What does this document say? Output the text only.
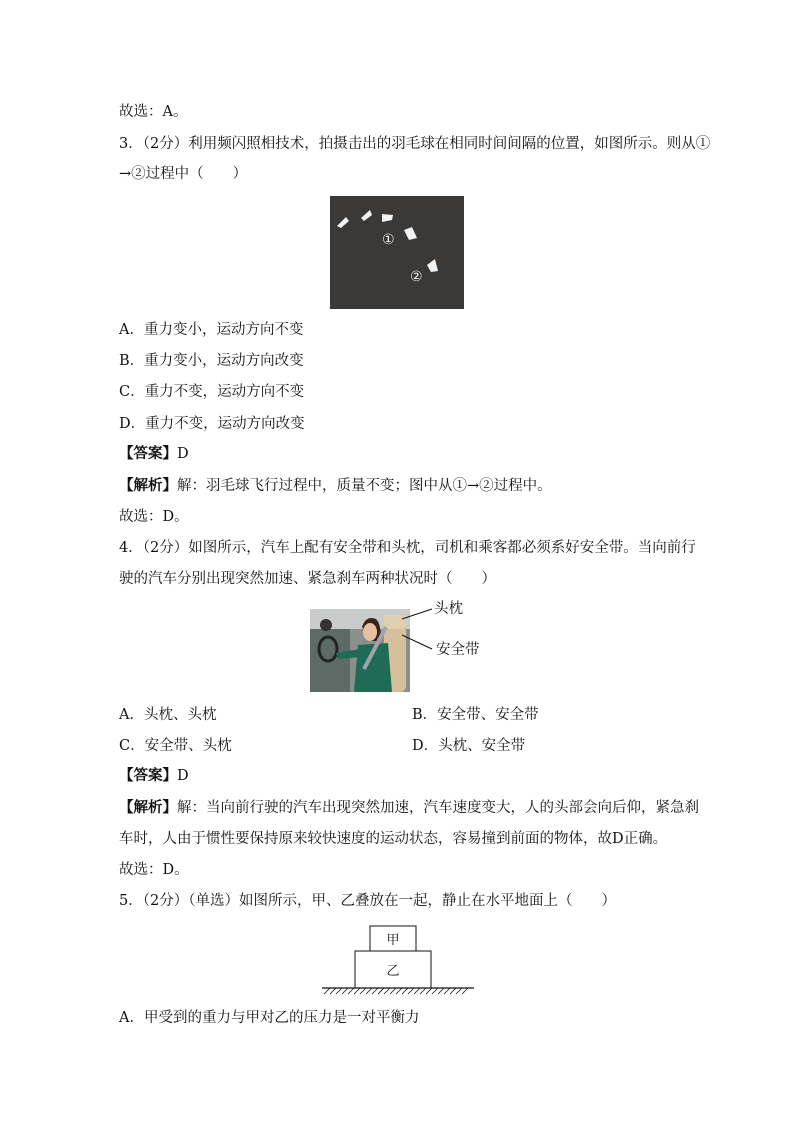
故选：A。
3．（2分）利用频闪照相技术，拍摄击出的羽毛球在相同时间间隔的位置，如图所示。则从①
→②过程中（　　）
①
②
A．重力变小，运动方向不变
B．重力变小，运动方向改变
C．重力不变，运动方向不变
D．重力不变，运动方向改变
【答案】D
【解析】解：羽毛球飞行过程中，质量不变；图中从①→②过程中。
故选：D。
4．（2分）如图所示，汽车上配有安全带和头枕，司机和乘客都必须系好安全带。当向前行
驶的汽车分别出现突然加速、紧急刹车两种状况时（　　）
头枕
安全带
A．头枕、头枕	B．安全带、安全带
C．安全带、头枕	D．头枕、安全带
【答案】D
【解析】解：当向前行驶的汽车出现突然加速，汽车速度变大，人的头部会向后仰，紧急刹
车时，人由于惯性要保持原来较快速度的运动状态，容易撞到前面的物体，故D正确。
故选：D。
5．（2分）（单选）如图所示，甲、乙叠放在一起，静止在水平地面上（　　）
甲
乙
A．甲受到的重力与甲对乙的压力是一对平衡力
